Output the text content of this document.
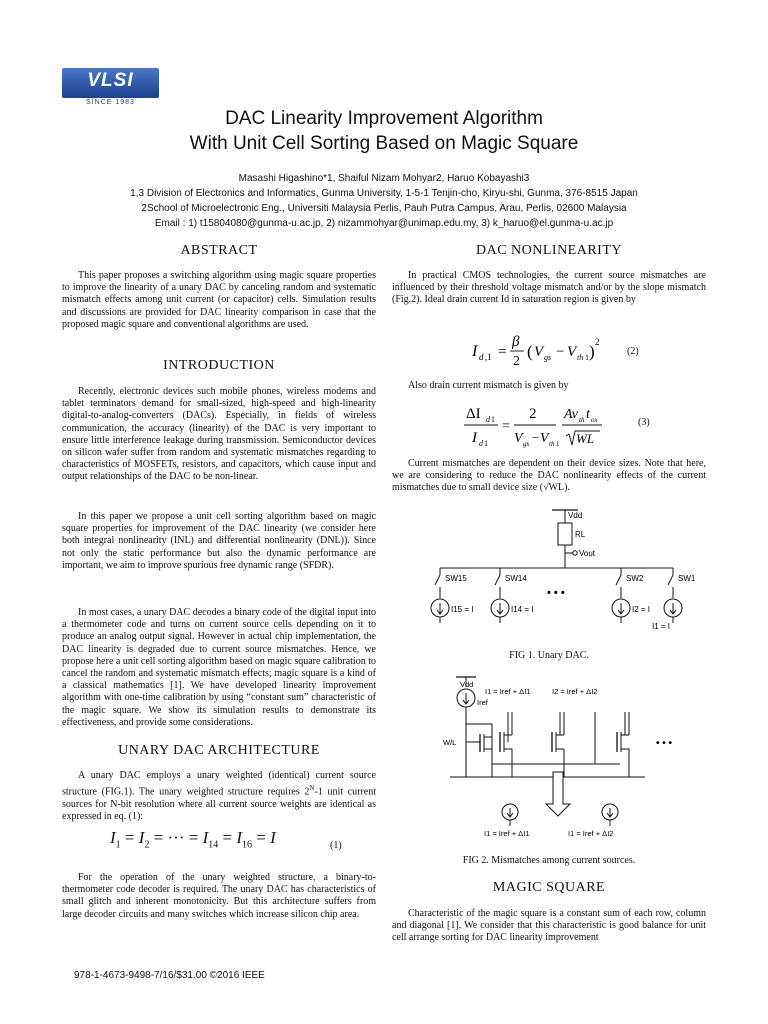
VLSI
SINCE 1983
DAC Linearity Improvement Algorithm
With Unit Cell Sorting Based on Magic Square
Masashi Higashino*1, Shaiful Nizam Mohyar2, Haruo Kobayashi3
1,3 Division of Electronics and Informatics, Gunma University, 1-5-1 Tenjin-cho, Kiryu-shi, Gunma, 376-8515 Japan
2School of Microelectronic Eng., Universiti Malaysia Perlis, Pauh Putra Campus, Arau, Perlis, 02600 Malaysia
Email : 1) t15804080@gunma-u.ac.jp, 2) nizammohyar@unimap.edu.my, 3) k_haruo@el.gunma-u.ac.jp
ABSTRACT

This paper proposes a switching algorithm using magic square properties to improve the linearity of a unary DAC by canceling random and systematic mismatch effects among unit current (or capacitor) cells. Simulation results and discussions are provided for DAC linearity comparison in case that the proposed magic square and conventional algorithms are used.

INTRODUCTION

Recently, electronic devices such mobile phones, wireless modems and tablet terminators demand for small-sized, high-speed and high-linearity digital-to-analog-converters (DACs). Especially, in fields of wireless communication, the accuracy (linearity) of the DAC is very important to ensure little interference leakage during transmission. Semiconductor devices on silicon wafer suffer from random and systematic mismatches regarding to characteristics of MOSFETs, resistors, and capacitors, which cause input and output relationships of the DAC to be non-linear.

In this paper we propose a unit cell sorting algorithm based on magic square properties for improvement of the DAC linearity (we consider here both integral nonlinearity (INL) and differential nonlinearity (DNL)). Since not only the static performance but also the dynamic performance are important, we aim to improve spurious free dynamic range (SFDR).

In most cases, a unary DAC decodes a binary code of the digital input into a thermometer code and turns on current source cells depending on it to produce an analog output signal. However in actual chip implementation, the DAC linearity is degraded due to current source mismatches. Hence, we propose here a unit cell sorting algorithm based on magic square calibration to cancel the random and systematic mismatch effects; magic square is a kind of a classical mathematics [1]. We have developed linearity improvement algorithm with one-time calibration by using “constant sum” characteristic of the magic square. We show its simulation results to demonstrate its effectiveness, and provide some considerations.

UNARY DAC ARCHITECTURE

A unary DAC employs a unary weighted (identical) current source structure (FIG.1). The unary weighted structure requires $2^N-1$ unit current sources for N-bit resolution where all current source weights are identical as expressed in eq. (1):

$I_1 = I_2$ = ··· = $I_{14} = I_{16} = I$	(1)

For the operation of the unary weighted structure, a binary-to-thermometer code decoder is required. The unary DAC has characteristics of small glitch and inherent monotonicity. But this architecture suffers from large decoder circuits and many switches which increase silicon chip area.

DAC NONLINEARITY

In practical CMOS technologies, the current source mismatches are influenced by their threshold voltage mismatch and/or by the slope mismatch (Fig.2). Ideal drain current Id in saturation region is given by

I d ,1 =
β
2
( V gs − V th 1 ) 2
(2)
Also drain current mismatch is given by
ΔI d 1
I d 1
=
2
V gs − V th 1
Av th t ox
WL
(3)

Current mismatches are dependent on their device sizes. Note that here, we are considering to reduce the DAC nonlinearity effects of the current mismatches due to small device size (√WL).

Vdd
RL
Vout
SW15	SW14	SW2	SW1
I15 = I	I14 = I	I2 = I
I1 = I
• • •
FIG 1. Unary DAC.
Vdd
Iref
W/L
I1 = Iref + ΔI1	I2 = Iref + ΔI2
I1 = Iref + ΔI1	I1 = Iref + ΔI2
• • •
FIG 2. Mismatches among current sources.
MAGIC SQUARE

Characteristic of the magic square is a constant sum of each row, column and diagonal [1]. We consider that this characteristic is good balance for unit cell arrange sorting for DAC linearity improvement

978-1-4673-9498-7/16/$31.00 ©2016 IEEE
